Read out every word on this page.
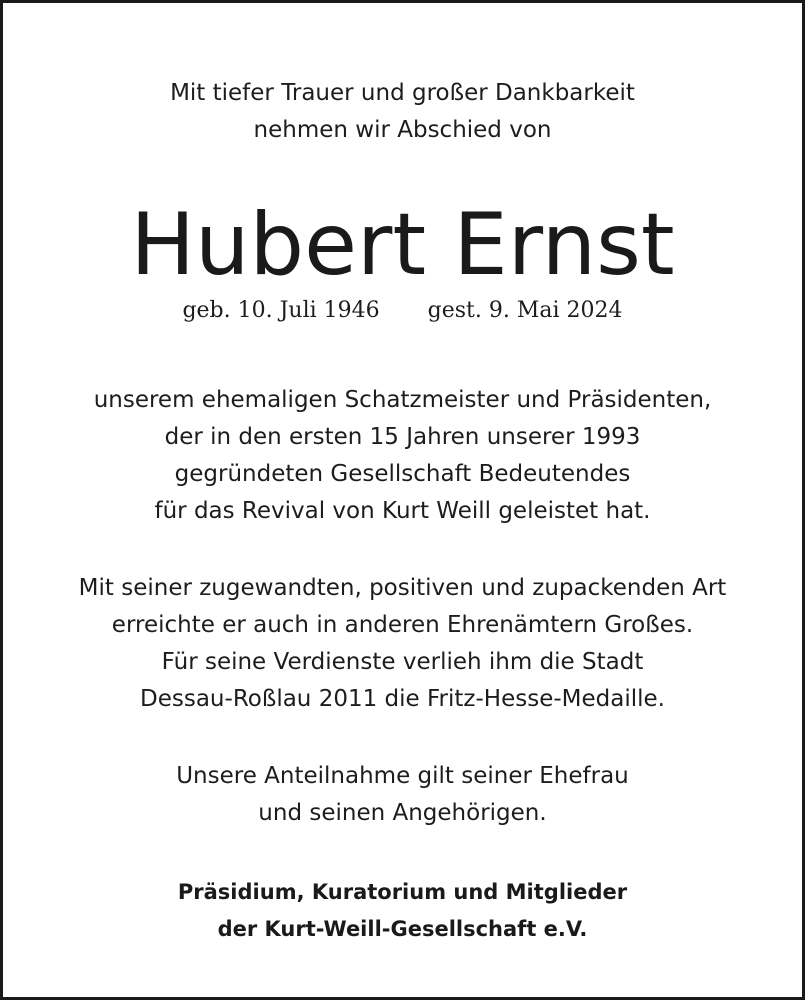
Mit tiefer Trauer und großer Dankbarkeit
nehmen wir Abschied von
Hubert Ernst
geb. 10. Juli 1946 gest. 9. Mai 2024
unserem ehemaligen Schatzmeister und Präsidenten,
der in den ersten 15 Jahren unserer 1993
gegründeten Gesellschaft Bedeutendes
für das Revival von Kurt Weill geleistet hat.
Mit seiner zugewandten, positiven und zupackenden Art
erreichte er auch in anderen Ehrenämtern Großes.
Für seine Verdienste verlieh ihm die Stadt
Dessau-Roßlau 2011 die Fritz-Hesse-Medaille.
Unsere Anteilnahme gilt seiner Ehefrau
und seinen Angehörigen.
Präsidium, Kuratorium und Mitglieder
der Kurt-Weill-Gesellschaft e.V.
